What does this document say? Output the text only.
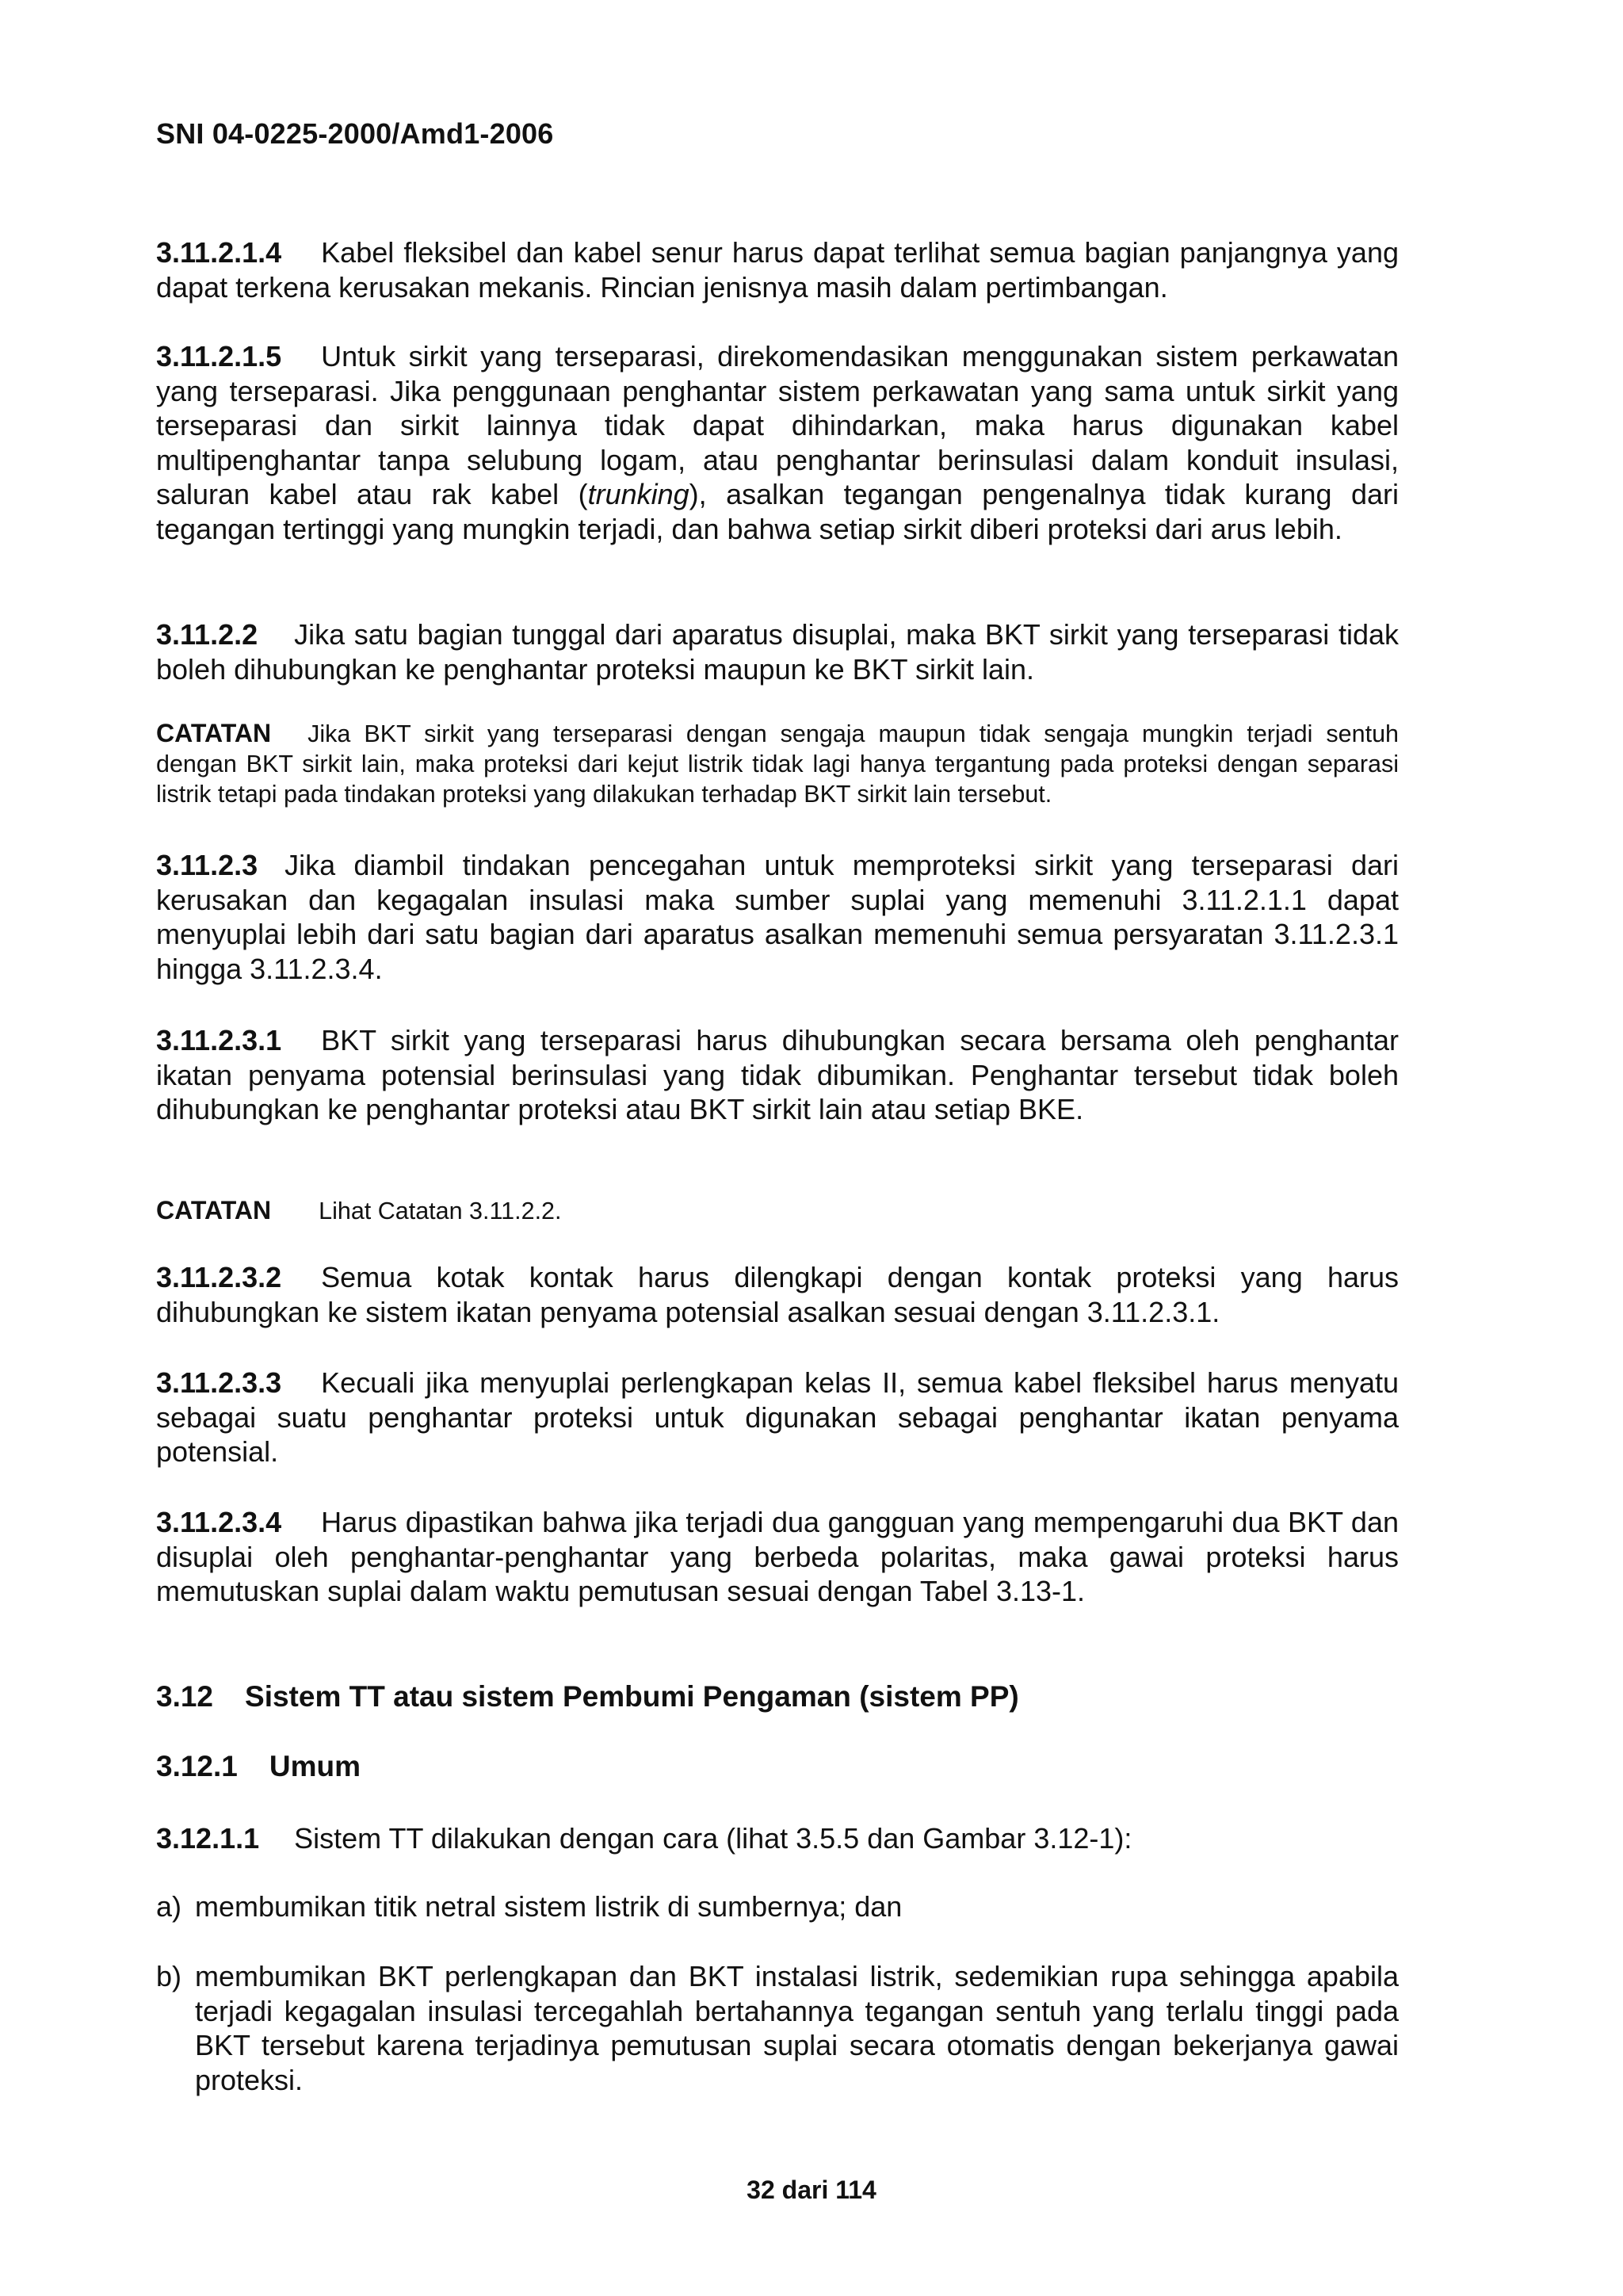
SNI 04-0225-2000/Amd1-2006
3.11.2.1.4 Kabel fleksibel dan kabel senur harus dapat terlihat semua bagian panjangnya yang dapat terkena kerusakan mekanis. Rincian jenisnya masih dalam pertimbangan.
3.11.2.1.5 Untuk sirkit yang terseparasi, direkomendasikan menggunakan sistem perkawatan yang terseparasi. Jika penggunaan penghantar sistem perkawatan yang sama untuk sirkit yang terseparasi dan sirkit lainnya tidak dapat dihindarkan, maka harus digunakan kabel multipenghantar tanpa selubung logam, atau penghantar berinsulasi dalam konduit insulasi, saluran kabel atau rak kabel (trunking), asalkan tegangan pengenalnya tidak kurang dari tegangan tertinggi yang mungkin terjadi, dan bahwa setiap sirkit diberi proteksi dari arus lebih.
3.11.2.2 Jika satu bagian tunggal dari aparatus disuplai, maka BKT sirkit yang terseparasi tidak boleh dihubungkan ke penghantar proteksi maupun ke BKT sirkit lain.
CATATAN Jika BKT sirkit yang terseparasi dengan sengaja maupun tidak sengaja mungkin terjadi sentuh dengan BKT sirkit lain, maka proteksi dari kejut listrik tidak lagi hanya tergantung pada proteksi dengan separasi listrik tetapi pada tindakan proteksi yang dilakukan terhadap BKT sirkit lain tersebut.
3.11.2.3 Jika diambil tindakan pencegahan untuk memproteksi sirkit yang terseparasi dari kerusakan dan kegagalan insulasi maka sumber suplai yang memenuhi 3.11.2.1.1 dapat menyuplai lebih dari satu bagian dari aparatus asalkan memenuhi semua persyaratan 3.11.2.3.1 hingga 3.11.2.3.4.
3.11.2.3.1 BKT sirkit yang terseparasi harus dihubungkan secara bersama oleh penghantar ikatan penyama potensial berinsulasi yang tidak dibumikan. Penghantar tersebut tidak boleh dihubungkan ke penghantar proteksi atau BKT sirkit lain atau setiap BKE.
CATATAN Lihat Catatan 3.11.2.2.
3.11.2.3.2 Semua kotak kontak harus dilengkapi dengan kontak proteksi yang harus dihubungkan ke sistem ikatan penyama potensial asalkan sesuai dengan 3.11.2.3.1.
3.11.2.3.3 Kecuali jika menyuplai perlengkapan kelas II, semua kabel fleksibel harus menyatu sebagai suatu penghantar proteksi untuk digunakan sebagai penghantar ikatan penyama potensial.
3.11.2.3.4 Harus dipastikan bahwa jika terjadi dua gangguan yang mempengaruhi dua BKT dan disuplai oleh penghantar-penghantar yang berbeda polaritas, maka gawai proteksi harus memutuskan suplai dalam waktu pemutusan sesuai dengan Tabel 3.13-1.
3.12 Sistem TT atau sistem Pembumi Pengaman (sistem PP)
3.12.1 Umum
3.12.1.1 Sistem TT dilakukan dengan cara (lihat 3.5.5 dan Gambar 3.12-1):
a) membumikan titik netral sistem listrik di sumbernya; dan
b) membumikan BKT perlengkapan dan BKT instalasi listrik, sedemikian rupa sehingga apabila terjadi kegagalan insulasi tercegahlah bertahannya tegangan sentuh yang terlalu tinggi pada BKT tersebut karena terjadinya pemutusan suplai secara otomatis dengan bekerjanya gawai proteksi.
32 dari 114
